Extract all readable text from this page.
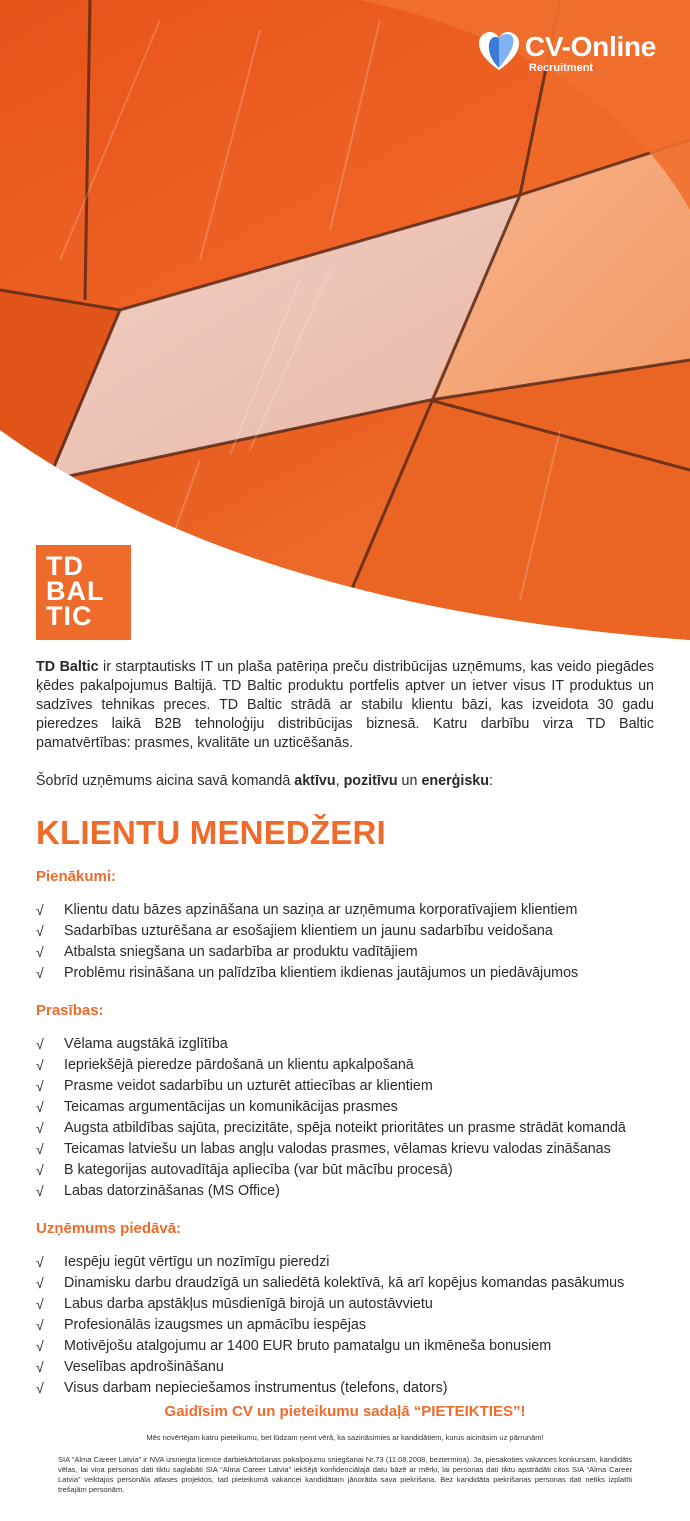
CV-Online
Recruitment
TD
BAL
TIC

TD Baltic ir starptautisks IT un plaša patēriņa preču distribūcijas uzņēmums, kas veido piegādes ķēdes pakalpojumus Baltijā. TD Baltic produktu portfelis aptver un ietver visus IT produktus un sadzīves tehnikas preces. TD Baltic strādā ar stabilu klientu bāzi, kas izveidota 30 gadu pieredzes laikā B2B tehnoloģiju distribūcijas biznesā. Katru darbību virza TD Baltic pamatvērtības: prasmes, kvalitāte un uzticēšanās.

Šobrīd uzņēmums aicina savā komandā aktīvu, pozitīvu un enerģisku:

KLIENTU MENEDŽERI
Pienākumi:
√ Klientu datu bāzes apzināšana un saziņa ar uzņēmuma korporatīvajiem klientiem
√ Sadarbības uzturēšana ar esošajiem klientiem un jaunu sadarbību veidošana
√ Atbalsta sniegšana un sadarbība ar produktu vadītājiem
√ Problēmu risināšana un palīdzība klientiem ikdienas jautājumos un piedāvājumos
Prasības:
√ Vēlama augstākā izglītība
√ Iepriekšējā pieredze pārdošanā un klientu apkalpošanā
√ Prasme veidot sadarbību un uzturēt attiecības ar klientiem
√ Teicamas argumentācijas un komunikācijas prasmes
√ Augsta atbildības sajūta, precizitāte, spēja noteikt prioritātes un prasme strādāt komandā
√ Teicamas latviešu un labas angļu valodas prasmes, vēlamas krievu valodas zināšanas
√ B kategorijas autovadītāja apliecība (var būt mācību procesā)
√ Labas datorzināšanas (MS Office)
Uzņēmums piedāvā:
√ Iespēju iegūt vērtīgu un nozīmīgu pieredzi
√ Dinamisku darbu draudzīgā un saliedētā kolektīvā, kā arī kopējus komandas pasākumus
√ Labus darba apstākļus mūsdienīgā birojā un autostāvvietu
√ Profesionālās izaugsmes un apmācību iespējas
√ Motivējošu atalgojumu ar 1400 EUR bruto pamatalgu un ikmēneša bonusiem
√ Veselības apdrošināšanu
√ Visus darbam nepieciešamos instrumentus (telefons, dators)
Gaidīsim CV un pieteikumu sadaļā “PIETEIKTIES”!
Mēs novērtējam katru pieteikumu, bet lūdzam ņemt vērā, ka sazināsimies ar kandidātiem, kurus aicināsim uz pārrunām!
SIA “Alma Career Latvia” ir NVA izsniegta licence darbiekārtošanas pakalpojumu sniegšanai Nr.73 (11.08.2008, beztermiņa). Ja, piesakoties vakances konkursam, kandidāts vēlas, lai viņa personas dati tiktu saglabāti SIA “Alma Career Latvia” iekšējā konfidenciālajā datu bāzē ar mērķi, lai personas dati tiktu apstrādāti citos SIA “Alma Career Latvia” veiktajos personāla atlases projektos, tad pieteikumā vakancei kandidātam jānorāda sava piekrišana. Bez kandidāta piekrišanas personas dati netiks izplatīti trešajām personām.
